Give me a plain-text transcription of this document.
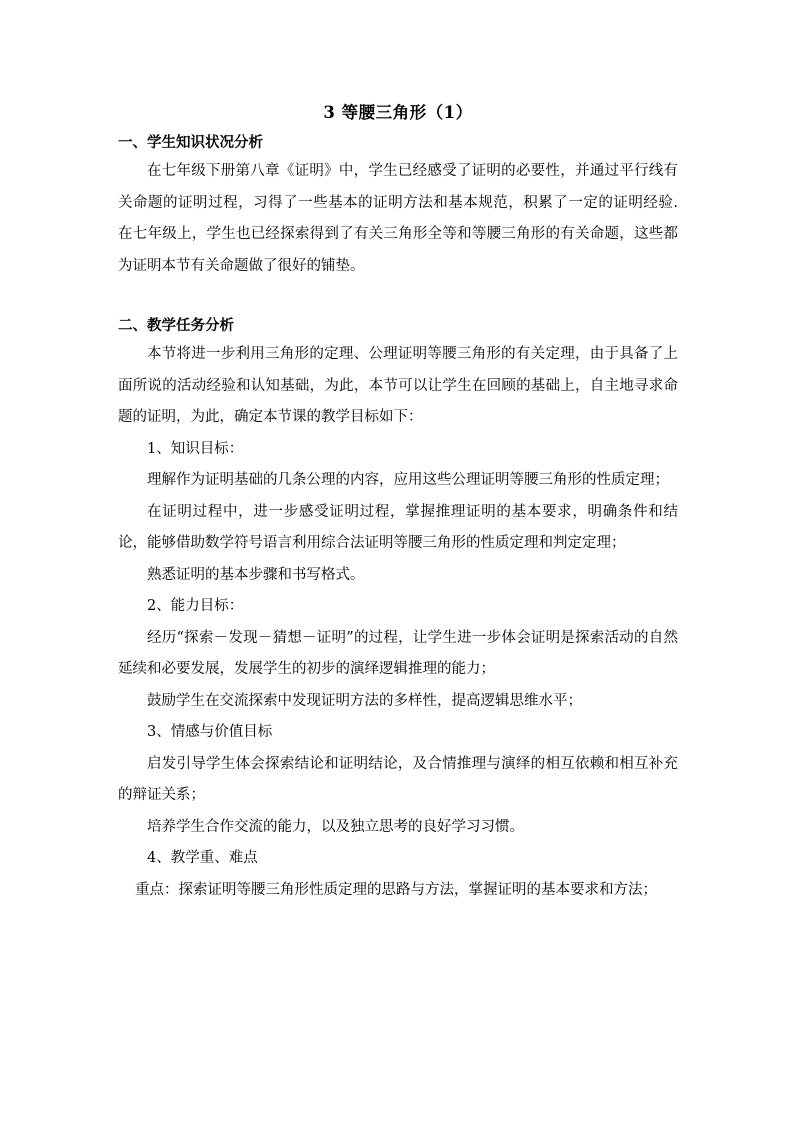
3 等腰三角形（1）
一、学生知识状况分析

在七年级下册第八章《证明》中，学生已经感受了证明的必要性，并通过平行线有关命题的证明过程，习得了一些基本的证明方法和基本规范，积累了一定的证明经验. 在七年级上，学生也已经探索得到了有关三角形全等和等腰三角形的有关命题，这些都为证明本节有关命题做了很好的铺垫。

二、教学任务分析

本节将进一步利用三角形的定理、公理证明等腰三角形的有关定理，由于具备了上面所说的活动经验和认知基础，为此，本节可以让学生在回顾的基础上，自主地寻求命题的证明，为此，确定本节课的教学目标如下：

1、知识目标：

理解作为证明基础的几条公理的内容，应用这些公理证明等腰三角形的性质定理；

在证明过程中，进一步感受证明过程，掌握推理证明的基本要求，明确条件和结论，能够借助数学符号语言利用综合法证明等腰三角形的性质定理和判定定理；

熟悉证明的基本步骤和书写格式。

2、能力目标：

经历“探索－发现－猜想－证明”的过程，让学生进一步体会证明是探索活动的自然延续和必要发展，发展学生的初步的演绎逻辑推理的能力；

鼓励学生在交流探索中发现证明方法的多样性，提高逻辑思维水平；

3、情感与价值目标

启发引导学生体会探索结论和证明结论，及合情推理与演绎的相互依赖和相互补充的辩证关系；

培养学生合作交流的能力，以及独立思考的良好学习习惯。

4、教学重、难点

重点：探索证明等腰三角形性质定理的思路与方法，掌握证明的基本要求和方法；
